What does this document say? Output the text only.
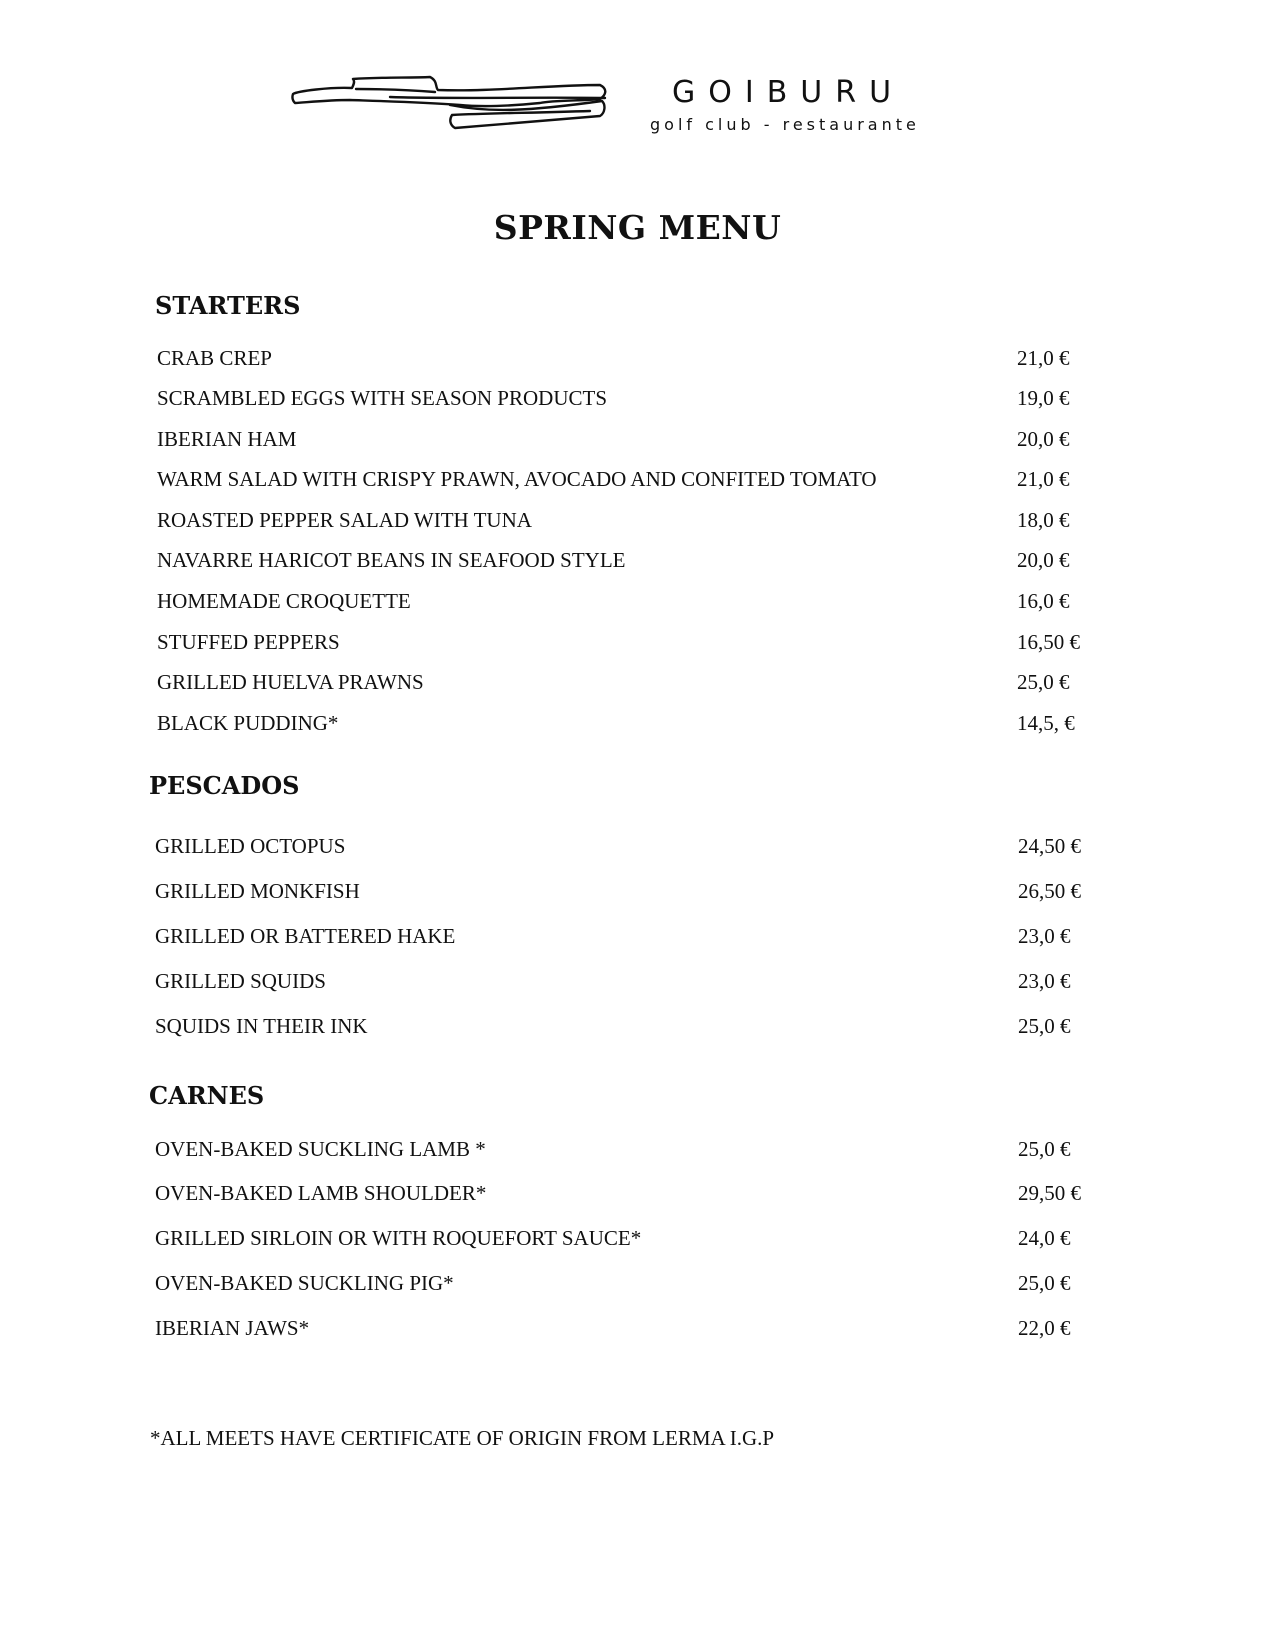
GOIBURU
golf club - restaurante
SPRING MENU
STARTERS
CRAB CREP	21,0 €
SCRAMBLED EGGS WITH SEASON PRODUCTS	19,0 €
IBERIAN HAM	20,0 €
WARM SALAD WITH CRISPY PRAWN, AVOCADO AND CONFITED TOMATO	21,0 €
ROASTED PEPPER SALAD WITH TUNA	18,0 €
NAVARRE HARICOT BEANS IN SEAFOOD STYLE	20,0 €
HOMEMADE CROQUETTE	16,0 €
STUFFED PEPPERS	16,50 €
GRILLED HUELVA PRAWNS	25,0 €
BLACK PUDDING*	14,5, €
PESCADOS
GRILLED OCTOPUS	24,50 €
GRILLED MONKFISH	26,50 €
GRILLED OR BATTERED HAKE	23,0 €
GRILLED SQUIDS	23,0 €
SQUIDS IN THEIR INK	25,0 €
CARNES
OVEN-BAKED SUCKLING LAMB *	25,0 €
OVEN-BAKED LAMB SHOULDER*	29,50 €
GRILLED SIRLOIN OR WITH ROQUEFORT SAUCE*	24,0 €
OVEN-BAKED SUCKLING PIG*	25,0 €
IBERIAN JAWS*	22,0 €
*ALL MEETS HAVE CERTIFICATE OF ORIGIN FROM LERMA I.G.P
